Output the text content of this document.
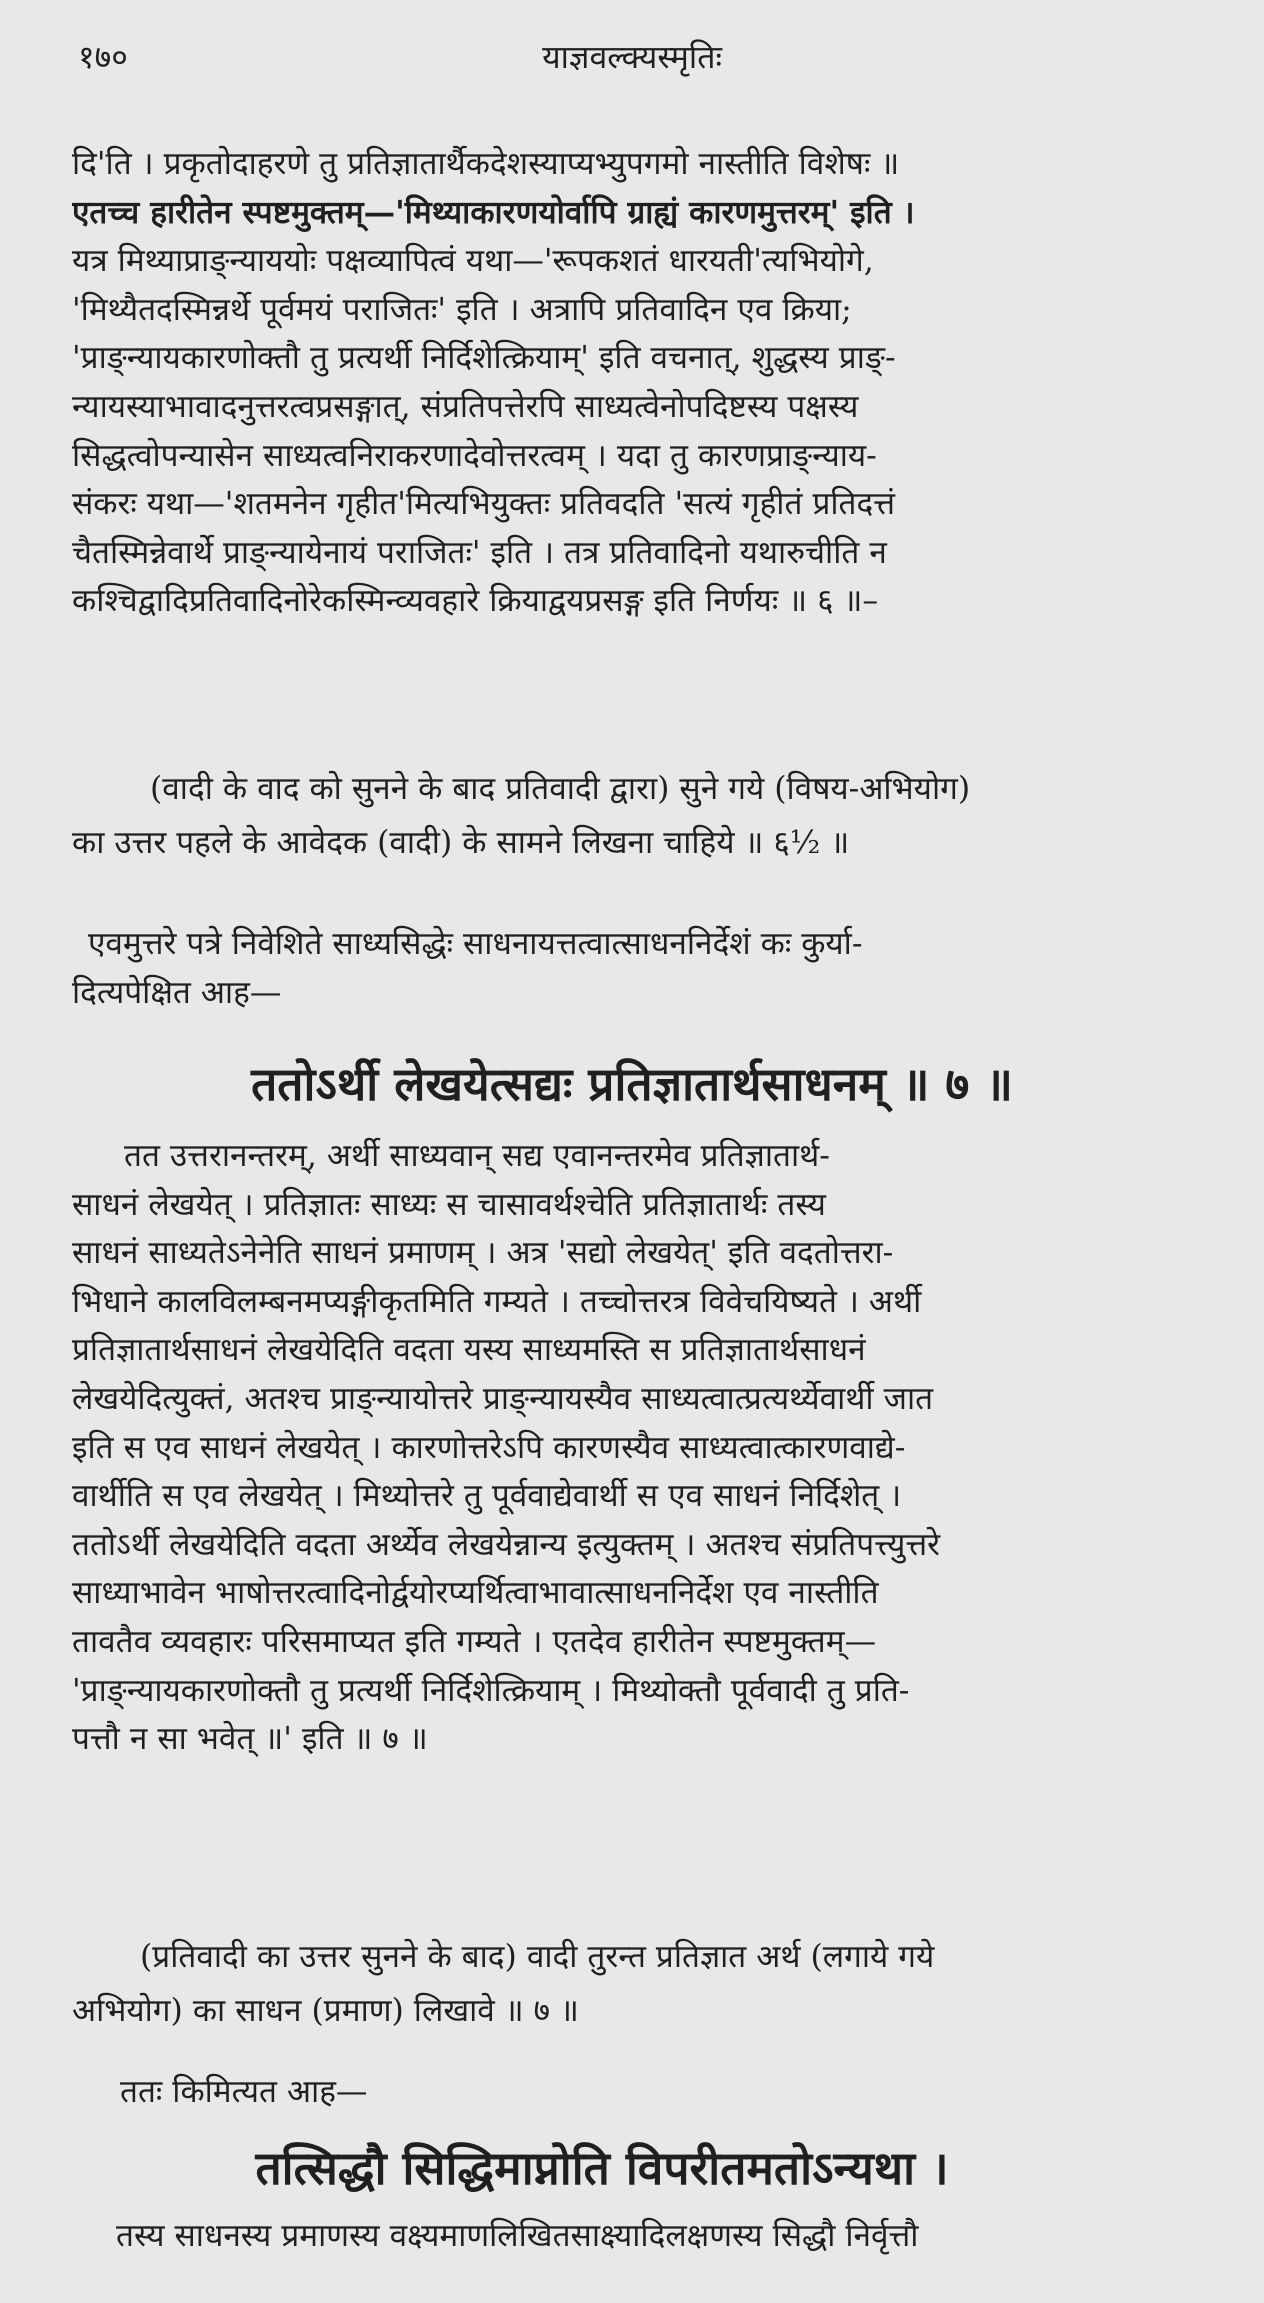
१७०	याज्ञवल्क्यस्मृतिः

दि'ति । प्रकृतोदाहरणे तु प्रतिज्ञातार्थैकदेशस्याप्यभ्युपगमो नास्तीति विशेषः ॥

एतच्च हारीतेन स्पष्टमुक्तम्—'मिथ्याकारणयोर्वापि ग्राह्यं कारणमुत्तरम्' इति ।

यत्र मिथ्याप्राङ्न्याययोः पक्षव्यापित्वं यथा—'रूपकशतं धारयती'त्यभियोगे,

'मिथ्यैतदस्मिन्नर्थे पूर्वमयं पराजितः' इति । अत्रापि प्रतिवादिन एव क्रिया;

'प्राङ्न्यायकारणोक्तौ तु प्रत्यर्थी निर्दिशेत्क्रियाम्' इति वचनात्, शुद्धस्य प्राङ्-

न्यायस्याभावादनुत्तरत्वप्रसङ्गात्, संप्रतिपत्तेरपि साध्यत्वेनोपदिष्टस्य पक्षस्य

सिद्धत्वोपन्यासेन साध्यत्वनिराकरणादेवोत्तरत्वम् । यदा तु कारणप्राङ्न्याय-

संकरः यथा—'शतमनेन गृहीत'मित्यभियुक्तः प्रतिवदति 'सत्यं गृहीतं प्रतिदत्तं

चैतस्मिन्नेवार्थे प्राङ्न्यायेनायं पराजितः' इति । तत्र प्रतिवादिनो यथारुचीति न

कश्चिद्वादिप्रतिवादिनोरेकस्मिन्व्यवहारे क्रियाद्वयप्रसङ्ग इति निर्णयः ॥ ६ ॥–

(वादी के वाद को सुनने के बाद प्रतिवादी द्वारा) सुने गये (विषय-अभियोग)

का उत्तर पहले के आवेदक (वादी) के सामने लिखना चाहिये ॥ ६½ ॥

एवमुत्तरे पत्रे निवेशिते साध्यसिद्धेः साधनायत्तत्वात्साधननिर्देशं कः कुर्या-

दित्यपेक्षित आह—

ततोऽर्थी लेखयेत्सद्यः प्रतिज्ञातार्थसाधनम् ॥ ७ ॥

तत उत्तरानन्तरम्, अर्थी साध्यवान् सद्य एवानन्तरमेव प्रतिज्ञातार्थ-

साधनं लेखयेत् । प्रतिज्ञातः साध्यः स चासावर्थश्चेति प्रतिज्ञातार्थः तस्य

साधनं साध्यतेऽनेनेति साधनं प्रमाणम् । अत्र 'सद्यो लेखयेत्' इति वदतोत्तरा-

भिधाने कालविलम्बनमप्यङ्गीकृतमिति गम्यते । तच्चोत्तरत्र विवेचयिष्यते । अर्थी

प्रतिज्ञातार्थसाधनं लेखयेदिति वदता यस्य साध्यमस्ति स प्रतिज्ञातार्थसाधनं

लेखयेदित्युक्तं, अतश्च प्राङ्न्यायोत्तरे प्राङ्न्यायस्यैव साध्यत्वात्प्रत्यर्थ्येवार्थी जात

इति स एव साधनं लेखयेत् । कारणोत्तरेऽपि कारणस्यैव साध्यत्वात्कारणवाद्ये-

वार्थीति स एव लेखयेत् । मिथ्योत्तरे तु पूर्ववाद्येवार्थी स एव साधनं निर्दिशेत् ।

ततोऽर्थी लेखयेदिति वदता अर्थ्येव लेखयेन्नान्य इत्युक्तम् । अतश्च संप्रतिपत्त्युत्तरे

साध्याभावेन भाषोत्तरत्वादिनोर्द्वयोरप्यर्थित्वाभावात्साधननिर्देश एव नास्तीति

तावतैव व्यवहारः परिसमाप्यत इति गम्यते । एतदेव हारीतेन स्पष्टमुक्तम्—

'प्राङ्न्यायकारणोक्तौ तु प्रत्यर्थी निर्दिशेत्क्रियाम् । मिथ्योक्तौ पूर्ववादी तु प्रति-

पत्तौ न सा भवेत् ॥' इति ॥ ७ ॥

(प्रतिवादी का उत्तर सुनने के बाद) वादी तुरन्त प्रतिज्ञात अर्थ (लगाये गये

अभियोग) का साधन (प्रमाण) लिखावे ॥ ७ ॥

ततः किमित्यत आह—

तत्सिद्धौ सिद्धिमाप्नोति विपरीतमतोऽन्यथा ।

तस्य साधनस्य प्रमाणस्य वक्ष्यमाणलिखितसाक्ष्यादिलक्षणस्य सिद्धौ निर्वृत्तौ
